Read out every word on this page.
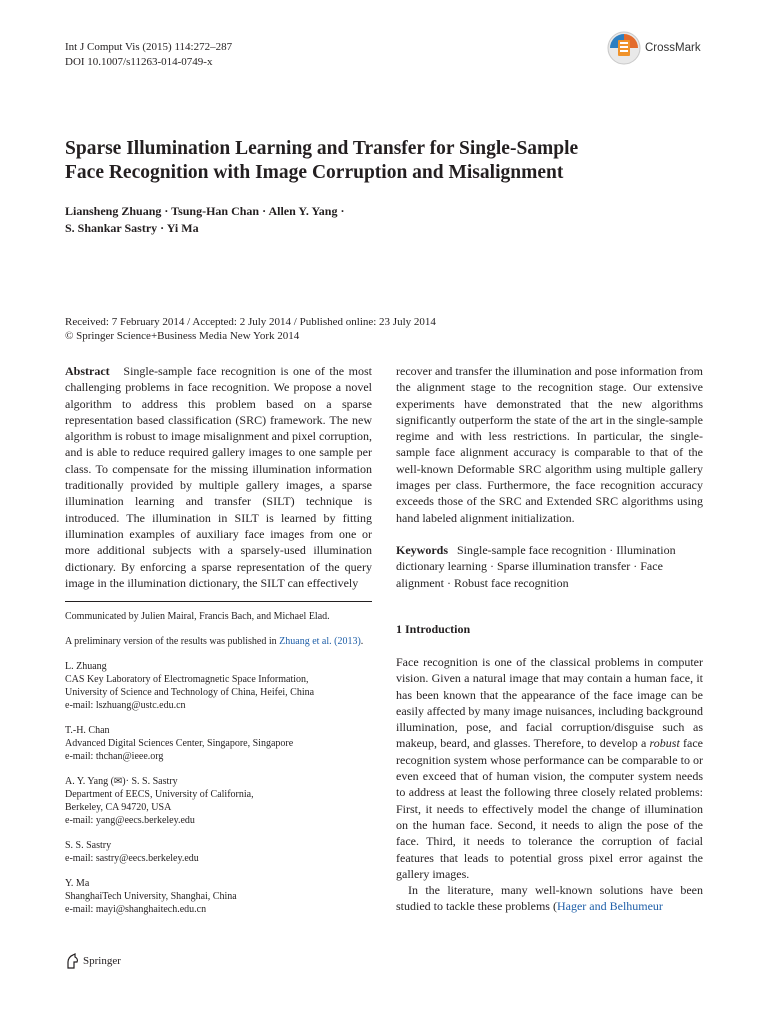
Int J Comput Vis (2015) 114:272–287
DOI 10.1007/s11263-014-0749-x
CrossMark
Sparse Illumination Learning and Transfer for Single-Sample
Face Recognition with Image Corruption and Misalignment
Liansheng Zhuang · Tsung-Han Chan · Allen Y. Yang ·
S. Shankar Sastry · Yi Ma
Received: 7 February 2014 / Accepted: 2 July 2014 / Published online: 23 July 2014
© Springer Science+Business Media New York 2014
Abstract Single-sample face recognition is one of the most challenging problems in face recognition. We propose a novel algorithm to address this problem based on a sparse representation based classification (SRC) framework. The new algorithm is robust to image misalignment and pixel corruption, and is able to reduce required gallery images to one sample per class. To compensate for the missing illumination information traditionally provided by multiple gallery images, a sparse illumination learning and transfer (SILT) technique is introduced. The illumination in SILT is learned by fitting illumination examples of auxiliary face images from one or more additional subjects with a sparsely-used illumination dictionary. By enforcing a sparse representation of the query image in the illumination dictionary, the SILT can effectively
recover and transfer the illumination and pose information from the alignment stage to the recognition stage. Our extensive experiments have demonstrated that the new algorithms significantly outperform the state of the art in the single-sample regime and with less restrictions. In particular, the single-sample face alignment accuracy is comparable to that of the well-known Deformable SRC algorithm using multiple gallery images per class. Furthermore, the face recognition accuracy exceeds those of the SRC and Extended SRC algorithms using hand labeled alignment initialization.
Keywords Single-sample face recognition · Illumination dictionary learning · Sparse illumination transfer · Face alignment · Robust face recognition
Communicated by Julien Mairal, Francis Bach, and Michael Elad.
A preliminary version of the results was published in Zhuang et al. (2013).
L. Zhuang
CAS Key Laboratory of Electromagnetic Space Information,
University of Science and Technology of China, Heifei, China
e-mail: lszhuang@ustc.edu.cn
T.-H. Chan
Advanced Digital Sciences Center, Singapore, Singapore
e-mail: thchan@ieee.org
A. Y. Yang (✉)· S. S. Sastry
Department of EECS, University of California,
Berkeley, CA 94720, USA
e-mail: yang@eecs.berkeley.edu
S. S. Sastry
e-mail: sastry@eecs.berkeley.edu
Y. Ma
ShanghaiTech University, Shanghai, China
e-mail: mayi@shanghaitech.edu.cn
1 Introduction
Face recognition is one of the classical problems in computer vision. Given a natural image that may contain a human face, it has been known that the appearance of the face image can be easily affected by many image nuisances, including background illumination, pose, and facial corruption/disguise such as makeup, beard, and glasses. Therefore, to develop a robust face recognition system whose performance can be comparable to or even exceed that of human vision, the computer system needs to address at least the following three closely related problems: First, it needs to effectively model the change of illumination on the human face. Second, it needs to align the pose of the face. Third, it needs to tolerance the corruption of facial features that leads to potential gross pixel error against the gallery images.
In the literature, many well-known solutions have been studied to tackle these problems (Hager and Belhumeur
Springer
